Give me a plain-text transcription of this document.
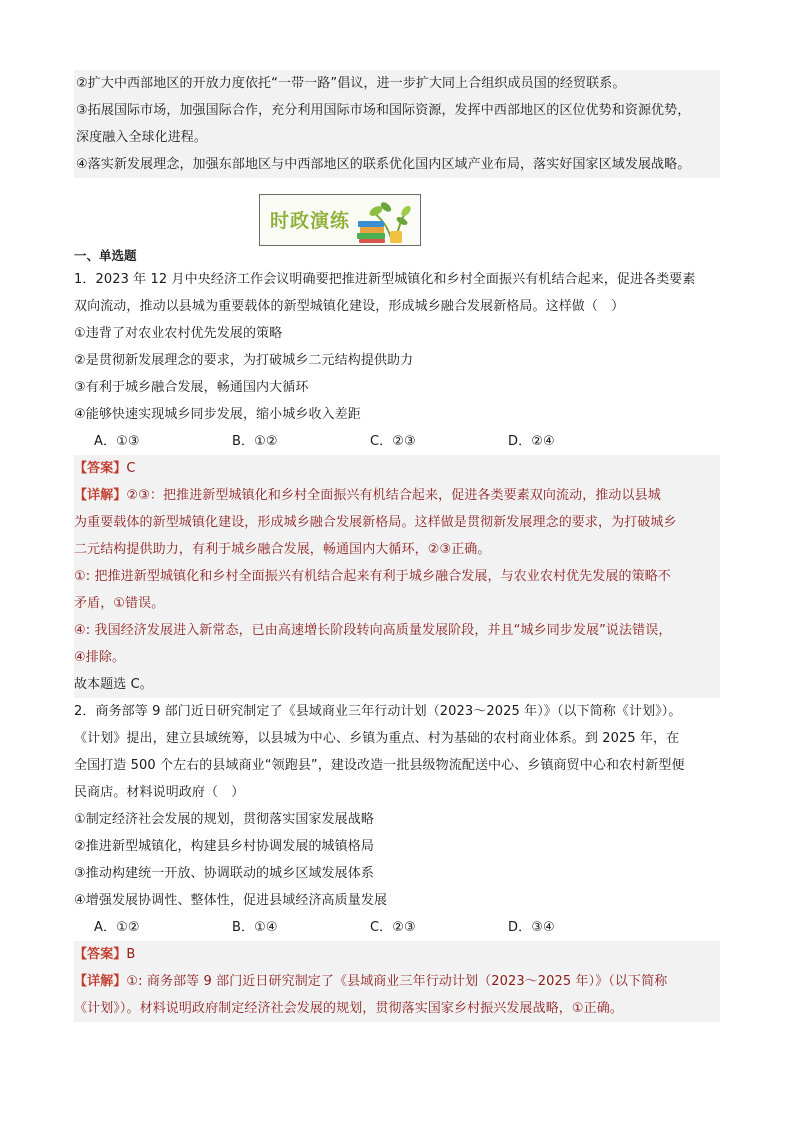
②扩大中西部地区的开放力度依托“一带一路”倡议，进一步扩大同上合组织成员国的经贸联系。
③拓展国际市场，加强国际合作，充分利用国际市场和国际资源，发挥中西部地区的区位优势和资源优势，
深度融入全球化进程。
④落实新发展理念，加强东部地区与中西部地区的联系优化国内区域产业布局，落实好国家区域发展战略。
时政演练
一、单选题
1．2023 年 12 月中央经济工作会议明确要把推进新型城镇化和乡村全面振兴有机结合起来，促进各类要素
双向流动，推动以县城为重要载体的新型城镇化建设，形成城乡融合发展新格局。这样做（　）
①违背了对农业农村优先发展的策略
②是贯彻新发展理念的要求，为打破城乡二元结构提供助力
③有利于城乡融合发展，畅通国内大循环
④能够快速实现城乡同步发展，缩小城乡收入差距
A．①③	B．①②	C．②③	D．②④
【答案】C
【详解】②③：把推进新型城镇化和乡村全面振兴有机结合起来，促进各类要素双向流动，推动以县城
为重要载体的新型城镇化建设，形成城乡融合发展新格局。这样做是贯彻新发展理念的要求，为打破城乡
二元结构提供助力，有利于城乡融合发展，畅通国内大循环，②③正确。
①: 把推进新型城镇化和乡村全面振兴有机结合起来有利于城乡融合发展，与农业农村优先发展的策略不
矛盾，①错误。
④: 我国经济发展进入新常态，已由高速增长阶段转向高质量发展阶段，并且“城乡同步发展”说法错误，
④排除。
故本题选 C。
2．商务部等 9 部门近日研究制定了《县域商业三年行动计划（2023～2025 年）》（以下简称《计划》）。
《计划》提出，建立县域统筹，以县城为中心、乡镇为重点、村为基础的农村商业体系。到 2025 年，在
全国打造 500 个左右的县域商业“领跑县”，建设改造一批县级物流配送中心、乡镇商贸中心和农村新型便
民商店。材料说明政府（　）
①制定经济社会发展的规划，贯彻落实国家发展战略
②推进新型城镇化，构建县乡村协调发展的城镇格局
③推动构建统一开放、协调联动的城乡区域发展体系
④增强发展协调性、整体性，促进县域经济高质量发展
A．①②	B．①④	C．②③	D．③④
【答案】B
【详解】①: 商务部等 9 部门近日研究制定了《县域商业三年行动计划（2023～2025 年）》（以下简称
《计划》）。材料说明政府制定经济社会发展的规划，贯彻落实国家乡村振兴发展战略，①正确。
